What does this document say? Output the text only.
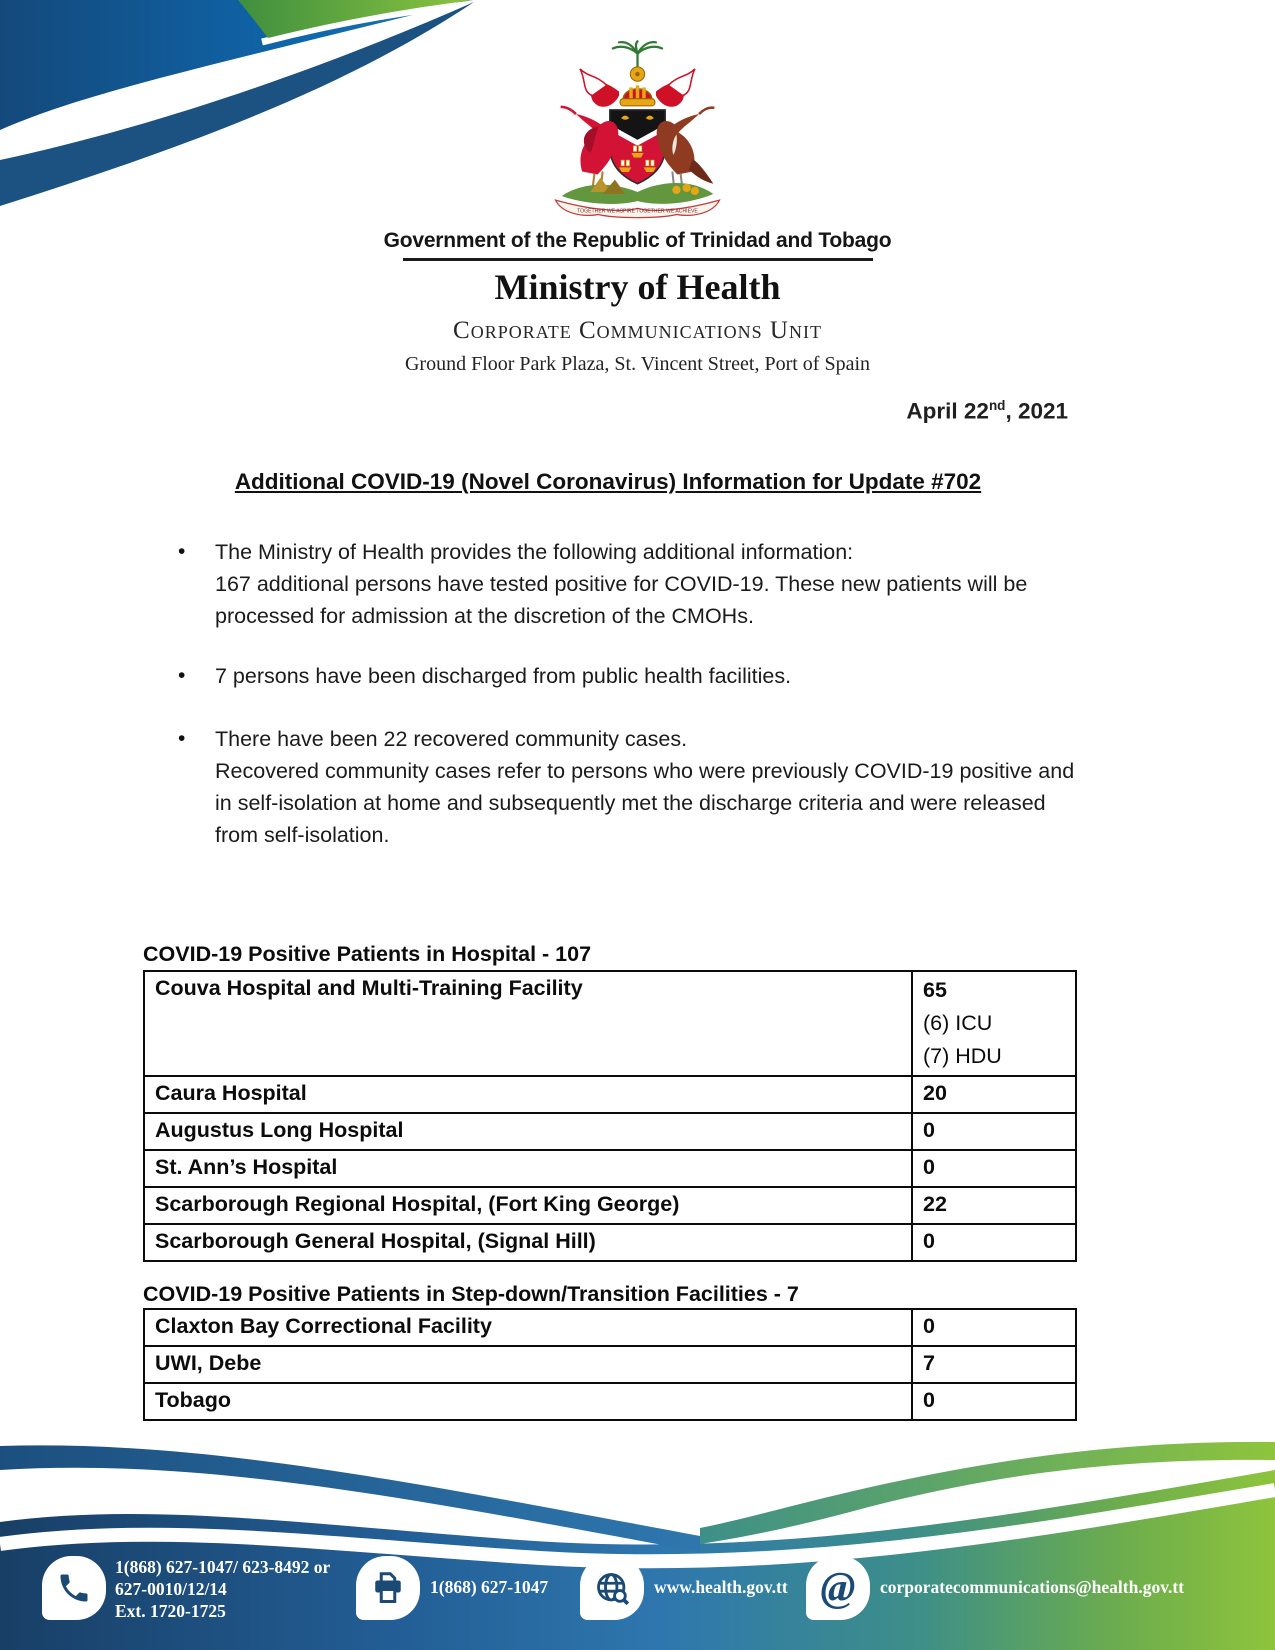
TOGETHER WE ASPIRE TOGETHER WE ACHIEVE
Government of the Republic of Trinidad and Tobago
Ministry of Health
Corporate Communications Unit
Ground Floor Park Plaza, St. Vincent Street, Port of Spain
April 22nd, 2021
Additional COVID-19 (Novel Coronavirus) Information for Update #702
•
The Ministry of Health provides the following additional information:
167 additional persons have tested positive for COVID-19. These new patients will be processed for admission at the discretion of the CMOHs.
•
7 persons have been discharged from public health facilities.
•
There have been 22 recovered community cases.
Recovered community cases refer to persons who were previously COVID-19 positive and in self-isolation at home and subsequently met the discharge criteria and were released from self-isolation.
COVID-19 Positive Patients in Hospital - 107
Couva Hospital and Multi-Training Facility	65
(6) ICU
(7) HDU

Caura Hospital	20
Augustus Long Hospital	0
St. Ann’s Hospital	0
Scarborough Regional Hospital, (Fort King George)	22
Scarborough General Hospital, (Signal Hill)	0
COVID-19 Positive Patients in Step-down/Transition Facilities - 7
Claxton Bay Correctional Facility	0
UWI, Debe	7
Tobago	0
1(868) 627-1047/ 623-8492 or
627-0010/12/14
Ext. 1720-1725
1(868) 627-1047	www.health.gov.tt @ corporatecommunications@health.gov.tt
